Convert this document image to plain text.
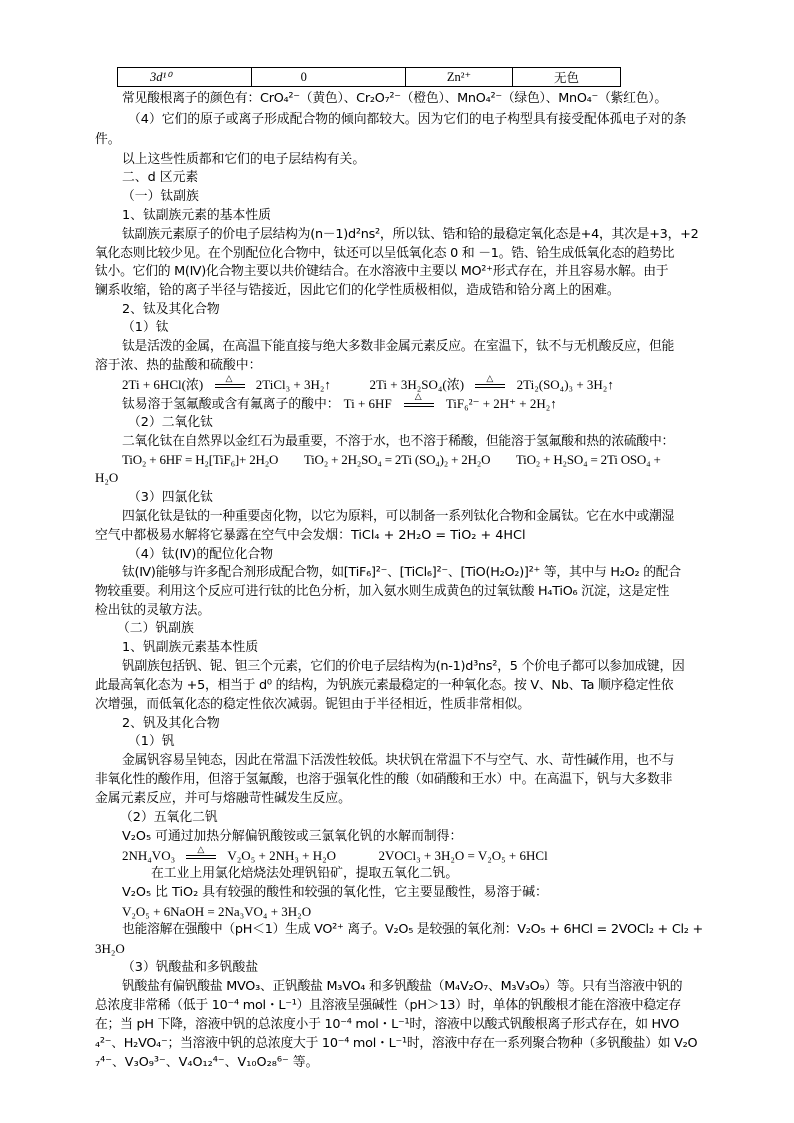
3d¹⁰	0	Zn²⁺	无色
常见酸根离子的颜色有：CrO₄²⁻（黄色）、Cr₂O₇²⁻（橙色）、MnO₄²⁻（绿色）、MnO₄⁻（紫红色）。
（4）它们的原子或离子形成配合物的倾向都较大。因为它们的电子构型具有接受配体孤电子对的条
件。
以上这些性质都和它们的电子层结构有关。
二、d 区元素
（一）钛副族
1、钛副族元素的基本性质
钛副族元素原子的价电子层结构为(n－1)d²ns²，所以钛、锆和铪的最稳定氧化态是+4，其次是+3，+2
氧化态则比较少见。在个别配位化合物中，钛还可以呈低氧化态 0 和 －1。锆、铪生成低氧化态的趋势比
钛小。它们的 M(Ⅳ)化合物主要以共价键结合。在水溶液中主要以 MO²⁺形式存在，并且容易水解。由于
镧系收缩，铪的离子半径与锆接近，因此它们的化学性质极相似，造成锆和铪分离上的困难。
2、钛及其化合物
（1）钛
钛是活泼的金属，在高温下能直接与绝大多数非金属元素反应。在室温下，钛不与无机酸反应，但能
溶于浓、热的盐酸和硫酸中：
2Ti + 6HCl(浓) △ 2TiCl₃ + 3H₂↑	2Ti + 3H₂SO₄(浓) △ 2Ti₂(SO₄)₃ + 3H₂↑
钛易溶于氢氟酸或含有氟离子的酸中： Ti + 6HF	△ TiF₆²⁻ + 2H⁺ + 2H₂↑
（2）二氧化钛
二氧化钛在自然界以金红石为最重要，不溶于水，也不溶于稀酸，但能溶于氢氟酸和热的浓硫酸中：
TiO₂ + 6HF = H₂[TiF₆]+ 2H₂O　　TiO₂ + 2H₂SO₄ = 2Ti (SO₄)₂ + 2H₂O　　TiO₂ + H₂SO₄ = 2Ti OSO₄ +
H₂O
（3）四氯化钛
四氯化钛是钛的一种重要卤化物，以它为原料，可以制备一系列钛化合物和金属钛。它在水中或潮湿
空气中都极易水解将它暴露在空气中会发烟：TiCl₄ + 2H₂O = TiO₂ + 4HCl
（4）钛(Ⅳ)的配位化合物
钛(Ⅳ)能够与许多配合剂形成配合物，如[TiF₆]²⁻、[TiCl₆]²⁻、[TiO(H₂O₂)]²⁺ 等，其中与 H₂O₂ 的配合
物较重要。利用这个反应可进行钛的比色分析，加入氨水则生成黄色的过氧钛酸 H₄TiO₆ 沉淀，这是定性
检出钛的灵敏方法。
（二）钒副族
1、钒副族元素基本性质
钒副族包括钒、铌、钽三个元素，它们的价电子层结构为(n-1)d³ns²，5 个价电子都可以参加成键，因
此最高氧化态为 +5，相当于 d⁰ 的结构，为钒族元素最稳定的一种氧化态。按 V、Nb、Ta 顺序稳定性依
次增强，而低氧化态的稳定性依次减弱。铌钽由于半径相近，性质非常相似。
2、钒及其化合物
（1）钒
金属钒容易呈钝态，因此在常温下活泼性较低。块状钒在常温下不与空气、水、苛性碱作用，也不与
非氧化性的酸作用，但溶于氢氟酸，也溶于强氧化性的酸（如硝酸和王水）中。在高温下，钒与大多数非
金属元素反应，并可与熔融苛性碱发生反应。
（2）五氧化二钒
V₂O₅ 可通过加热分解偏钒酸铵或三氯氧化钒的水解而制得：
2NH₄VO₃ △ V₂O₅ + 2NH₃ + H₂O	2VOCl₃ + 3H₂O = V₂O₅ + 6HCl
在工业上用氯化焙烧法处理钒铅矿，提取五氧化二钒。
V₂O₅ 比 TiO₂ 具有较强的酸性和较强的氧化性，它主要显酸性，易溶于碱：
V₂O₅ + 6NaOH = 2Na₃VO₄ + 3H₂O
也能溶解在强酸中（pH＜1）生成 VO²⁺ 离子。V₂O₅ 是较强的氧化剂：V₂O₅ + 6HCl = 2VOCl₂ + Cl₂ +
3H₂O
（3）钒酸盐和多钒酸盐
钒酸盐有偏钒酸盐 MVO₃、正钒酸盐 M₃VO₄ 和多钒酸盐（M₄V₂O₇、M₃V₃O₉）等。只有当溶液中钒的
总浓度非常稀（低于 10⁻⁴ mol・L⁻¹）且溶液呈强碱性（pH＞13）时，单体的钒酸根才能在溶液中稳定存
在；当 pH 下降，溶液中钒的总浓度小于 10⁻⁴ mol・L⁻¹时，溶液中以酸式钒酸根离子形式存在，如 HVO
₄²⁻、H₂VO₄⁻；当溶液中钒的总浓度大于 10⁻⁴ mol・L⁻¹时，溶液中存在一系列聚合物种（多钒酸盐）如 V₂O
₇⁴⁻、V₃O₉³⁻、V₄O₁₂⁴⁻、V₁₀O₂₈⁶⁻ 等。
